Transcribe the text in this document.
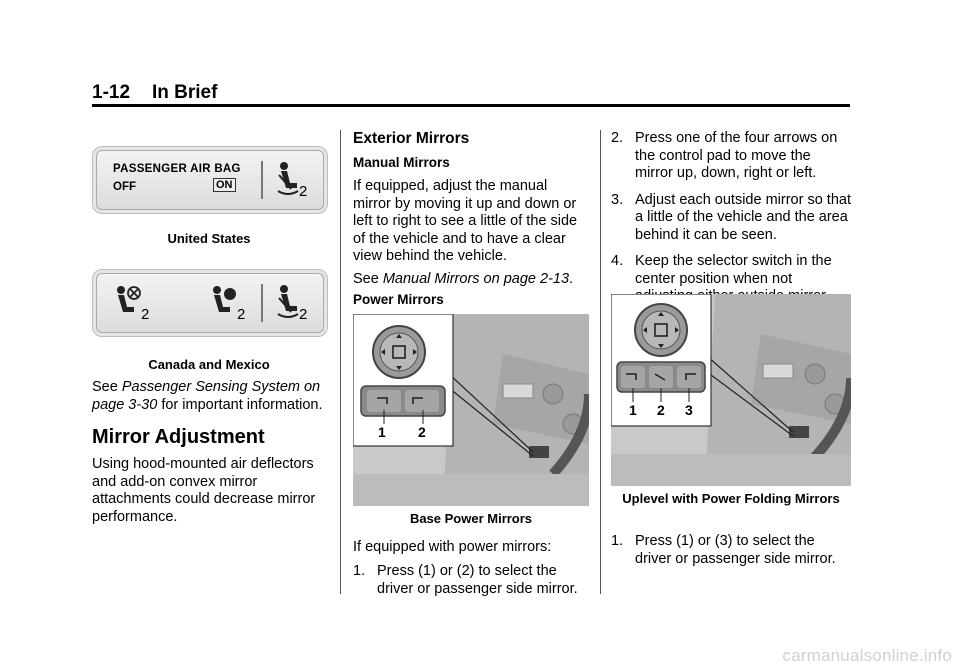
1-12 In Brief
PASSENGER AIR BAG
OFF	ON	2
United States
2	2	2
Canada and Mexico

See Passenger Sensing System on page 3-30 for important information.

Mirror Adjustment

Using hood-mounted air deflectors and add-on convex mirror attachments could decrease mirror performance.

Exterior Mirrors
Manual Mirrors

If equipped, adjust the manual mirror by moving it up and down or left to right to see a little of the side of the vehicle and to have a clear view behind the vehicle.

See Manual Mirrors on page 2-13.

Power Mirrors
1 2
Base Power Mirrors

If equipped with power mirrors:

1. Press (1) or (2) to select the driver or passenger side mirror.
2. Press one of the four arrows on the control pad to move the mirror up, down, right or left.
3. Adjust each outside mirror so that a little of the vehicle and the area behind it can be seen.
4. Keep the selector switch in the center position when not
1 2 3
Uplevel with Power Folding Mirrors
1. Press (1) or (3) to select the driver or passenger side mirror.
carmanualsonline.info
